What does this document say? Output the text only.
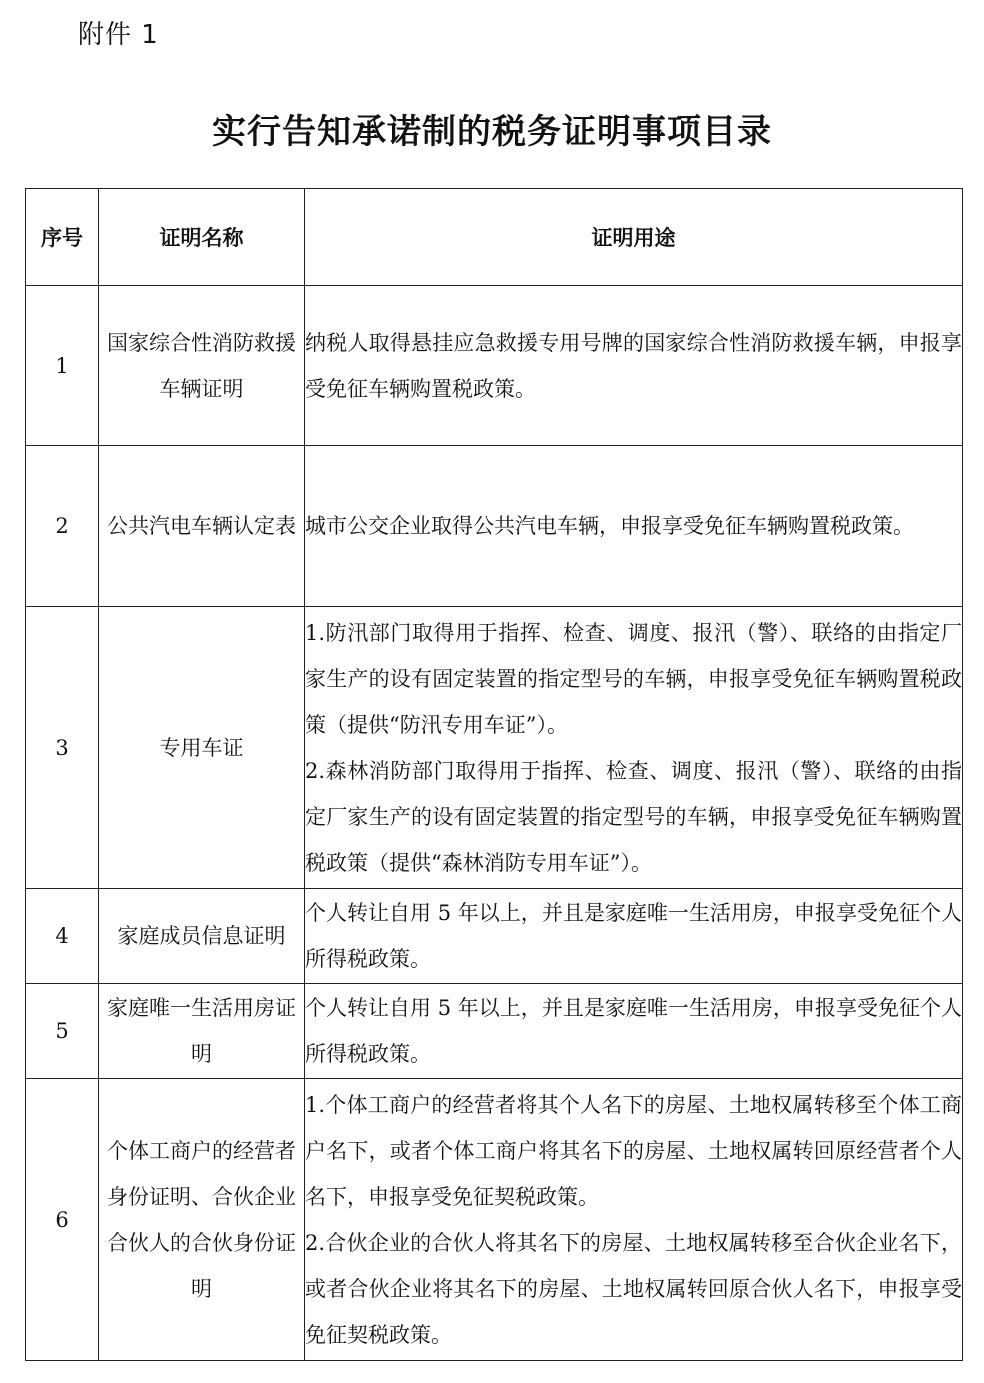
附件 1
实行告知承诺制的税务证明事项目录
序号	证明名称	证明用途
1	国家综合性消防救援车辆证明	纳税人取得悬挂应急救援专用号牌的国家综合性消防救援车辆，申报享受免征车辆购置税政策。

2	公共汽电车辆认定表	城市公交企业取得公共汽电车辆，申报享受免征车辆购置税政策。

3	专用车证	1.防汛部门取得用于指挥、检查、调度、报汛（警）、联络的由指定厂家生产的设有固定装置的指定型号的车辆，申报享受免征车辆购置税政策（提供“防汛专用车证”）。

2.森林消防部门取得用于指挥、检查、调度、报汛（警）、联络的由指定厂家生产的设有固定装置的指定型号的车辆，申报享受免征车辆购置税政策（提供“森林消防专用车证”）。

4	家庭成员信息证明	个人转让自用 5 年以上，并且是家庭唯一生活用房，申报享受免征个人所得税政策。

5	家庭唯一生活用房证明	个人转让自用 5 年以上，并且是家庭唯一生活用房，申报享受免征个人所得税政策。

6	个体工商户的经营者身份证明、合伙企业合伙人的合伙身份证明	1.个体工商户的经营者将其个人名下的房屋、土地权属转移至个体工商户名下，或者个体工商户将其名下的房屋、土地权属转回原经营者个人名下，申报享受免征契税政策。

2.合伙企业的合伙人将其名下的房屋、土地权属转移至合伙企业名下，或者合伙企业将其名下的房屋、土地权属转回原合伙人名下，申报享受免征契税政策。
